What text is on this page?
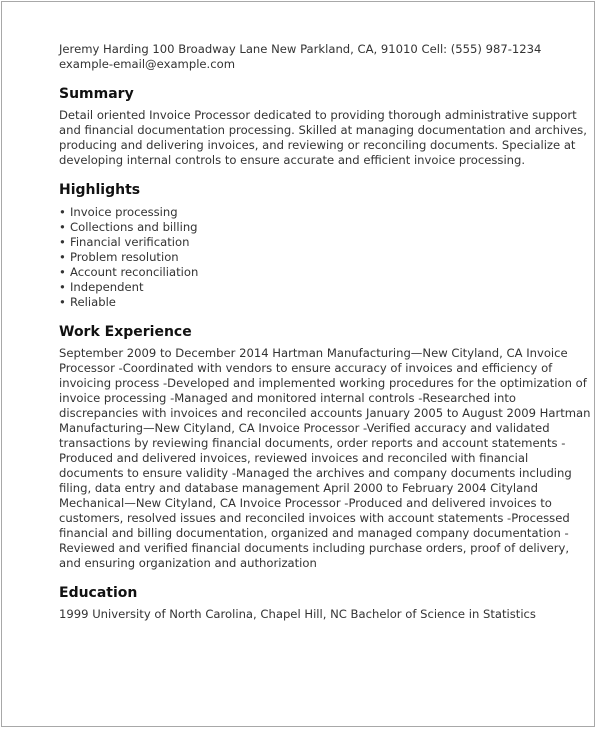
Jeremy Harding 100 Broadway Lane New Parkland, CA, 91010 Cell: (555) 987-1234 example-email@example.com

Summary

Detail oriented Invoice Processor dedicated to providing thorough administrative support and financial documentation processing. Skilled at managing documentation and archives, producing and delivering invoices, and reviewing or reconciling documents. Specialize at developing internal controls to ensure accurate and efficient invoice processing.

Highlights
• Invoice processing
• Collections and billing
• Financial verification
• Problem resolution
• Account reconciliation
• Independent
• Reliable
Work Experience

September 2009 to December 2014 Hartman Manufacturing—New Cityland, CA Invoice Processor -Coordinated with vendors to ensure accuracy of invoices and efficiency of invoicing process -Developed and implemented working procedures for the optimization of invoice processing -Managed and monitored internal controls -Researched into discrepancies with invoices and reconciled accounts January 2005 to August 2009 Hartman Manufacturing—New Cityland, CA Invoice Processor -Verified accuracy and validated transactions by reviewing financial documents, order reports and account statements -Produced and delivered invoices, reviewed invoices and reconciled with financial documents to ensure validity -Managed the archives and company documents including filing, data entry and database management April 2000 to February 2004 Cityland Mechanical—New Cityland, CA Invoice Processor -Produced and delivered invoices to customers, resolved issues and reconciled invoices with account statements -Processed financial and billing documentation, organized and managed company documentation -Reviewed and verified financial documents including purchase orders, proof of delivery, and ensuring organization and authorization

Education

1999 University of North Carolina, Chapel Hill, NC Bachelor of Science in Statistics
